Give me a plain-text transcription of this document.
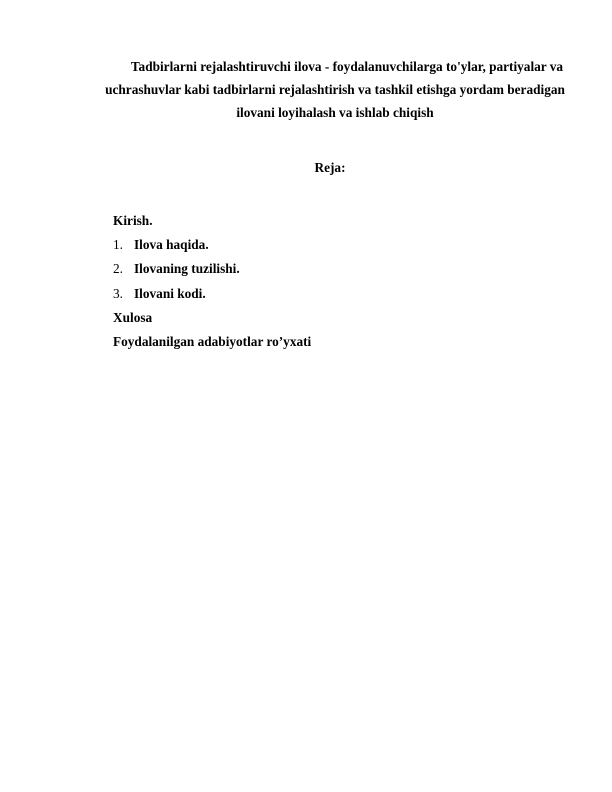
Tadbirlarni rejalashtiruvchi ilova - foydalanuvchilarga to'ylar, partiyalar va uchrashuvlar kabi tadbirlarni rejalashtirish va tashkil etishga yordam beradigan ilovani loyihalash va ishlab chiqish

Reja:

Kirish.
1. Ilova haqida.
2. Ilovaning tuzilishi.
3. Ilovani kodi.
Xulosa
Foydalanilgan adabiyotlar ro’yxati
